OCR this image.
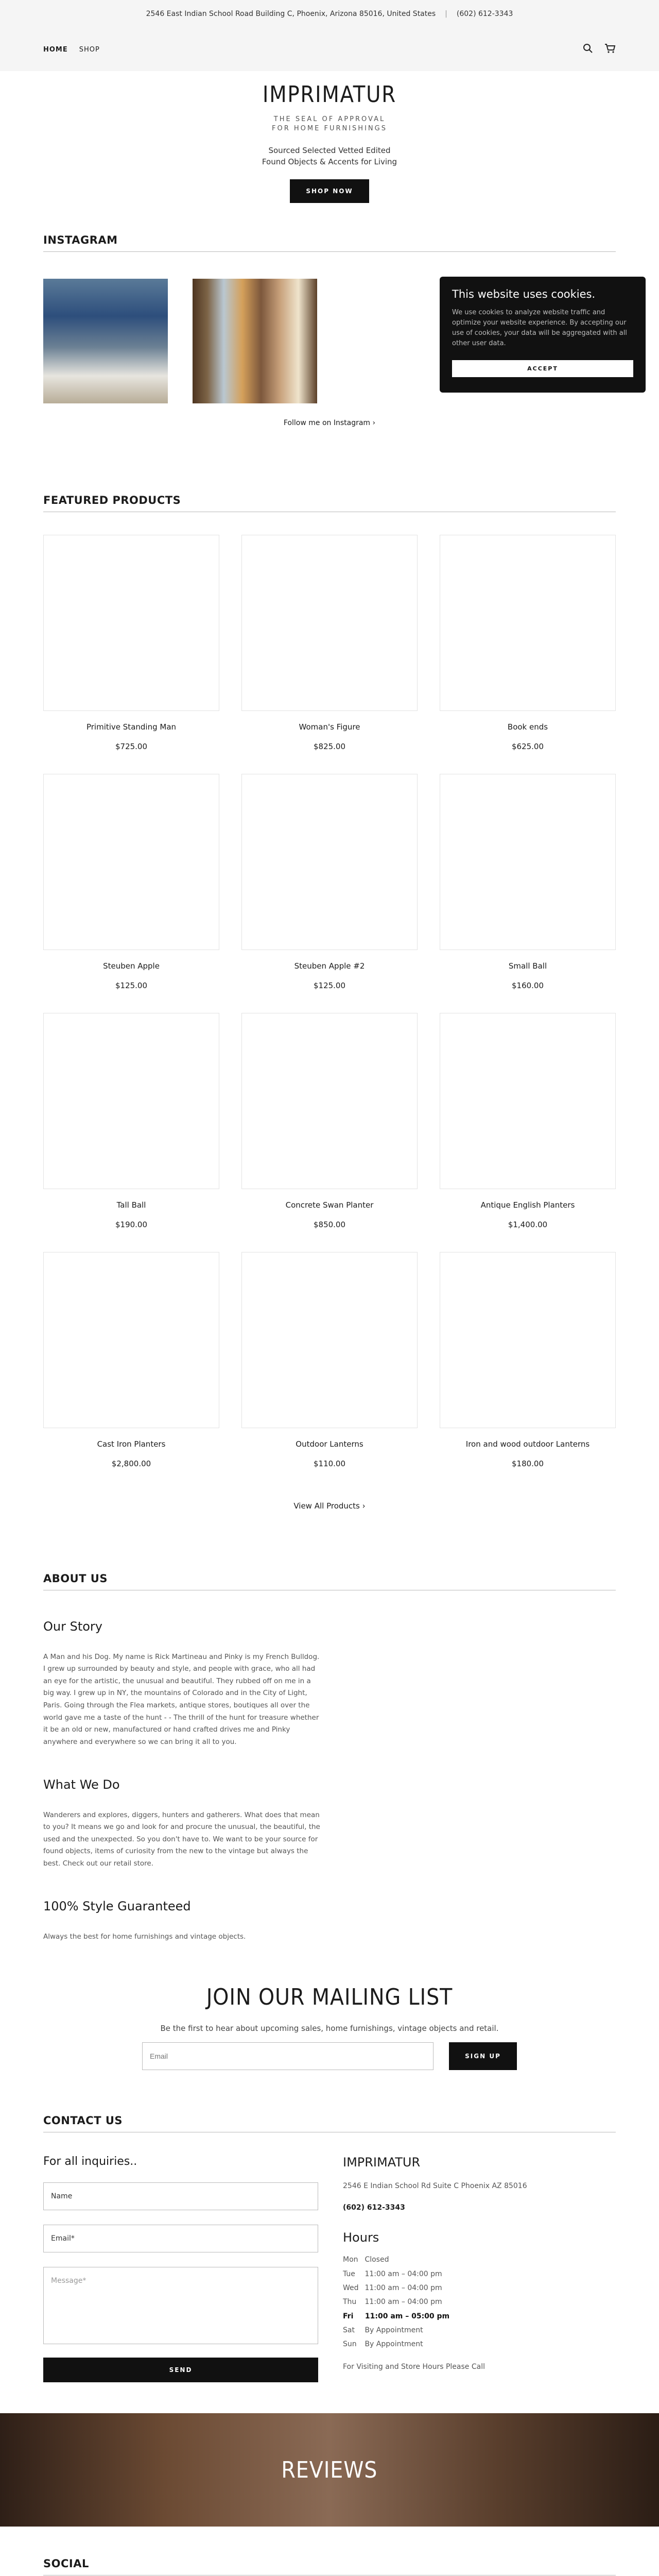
2546 East Indian School Road Building C, Phoenix, Arizona 85016, United States | (602) 612-3343
HOME SHOP
IMPRIMATUR
THE SEAL OF APPROVAL
FOR HOME FURNISHINGS
Sourced Selected Vetted Edited
Found Objects & Accents for Living
SHOP NOW
INSTAGRAM
Follow me on Instagram ›
This website uses cookies.

We use cookies to analyze website traffic and optimize your website experience. By accepting our use of cookies, your data will be aggregated with all other user data.

ACCEPT
FEATURED PRODUCTS
Primitive Standing Man
$725.00
Woman's Figure
$825.00
Book ends
$625.00
Steuben Apple
$125.00
Steuben Apple #2
$125.00
Small Ball
$160.00
Tall Ball
$190.00
Concrete Swan Planter
$850.00
Antique English Planters
$1,400.00
Cast Iron Planters
$2,800.00
Outdoor Lanterns
$110.00
Iron and wood outdoor Lanterns
$180.00
View All Products ›
ABOUT US
Our Story

A Man and his Dog. My name is Rick Martineau and Pinky is my French Bulldog. I grew up surrounded by beauty and style, and people with grace, who all had an eye for the artistic, the unusual and beautiful. They rubbed off on me in a big way. I grew up in NY, the mountains of Colorado and in the City of Light, Paris. Going through the Flea markets, antique stores, boutiques all over the world gave me a taste of the hunt - - The thrill of the hunt for treasure whether it be an old or new, manufactured or hand crafted drives me and Pinky anywhere and everywhere so we can bring it all to you.

What We Do

Wanderers and explores, diggers, hunters and gatherers. What does that mean to you? It means we go and look for and procure the unusual, the beautiful, the used and the unexpected. So you don't have to. We want to be your source for found objects, items of curiosity from the new to the vintage but always the best. Check out our retail store.

100% Style Guaranteed

Always the best for home furnishings and vintage objects.

JOIN OUR MAILING LIST

Be the first to hear about upcoming sales, home furnishings, vintage objects and retail.

Email
SIGN UP
CONTACT US
For all inquiries..
Name
Email*
Message*
SEND
IMPRIMATUR
2546 E Indian School Rd Suite C Phoenix AZ 85016
(602) 612-3343
Hours
Mon Closed
Tue 11:00 am – 04:00 pm
Wed 11:00 am – 04:00 pm
Thu 11:00 am – 04:00 pm
Fri 11:00 am – 05:00 pm
Sat By Appointment
Sun By Appointment
For Visiting and Store Hours Please Call
REVIEWS
SOCIAL
